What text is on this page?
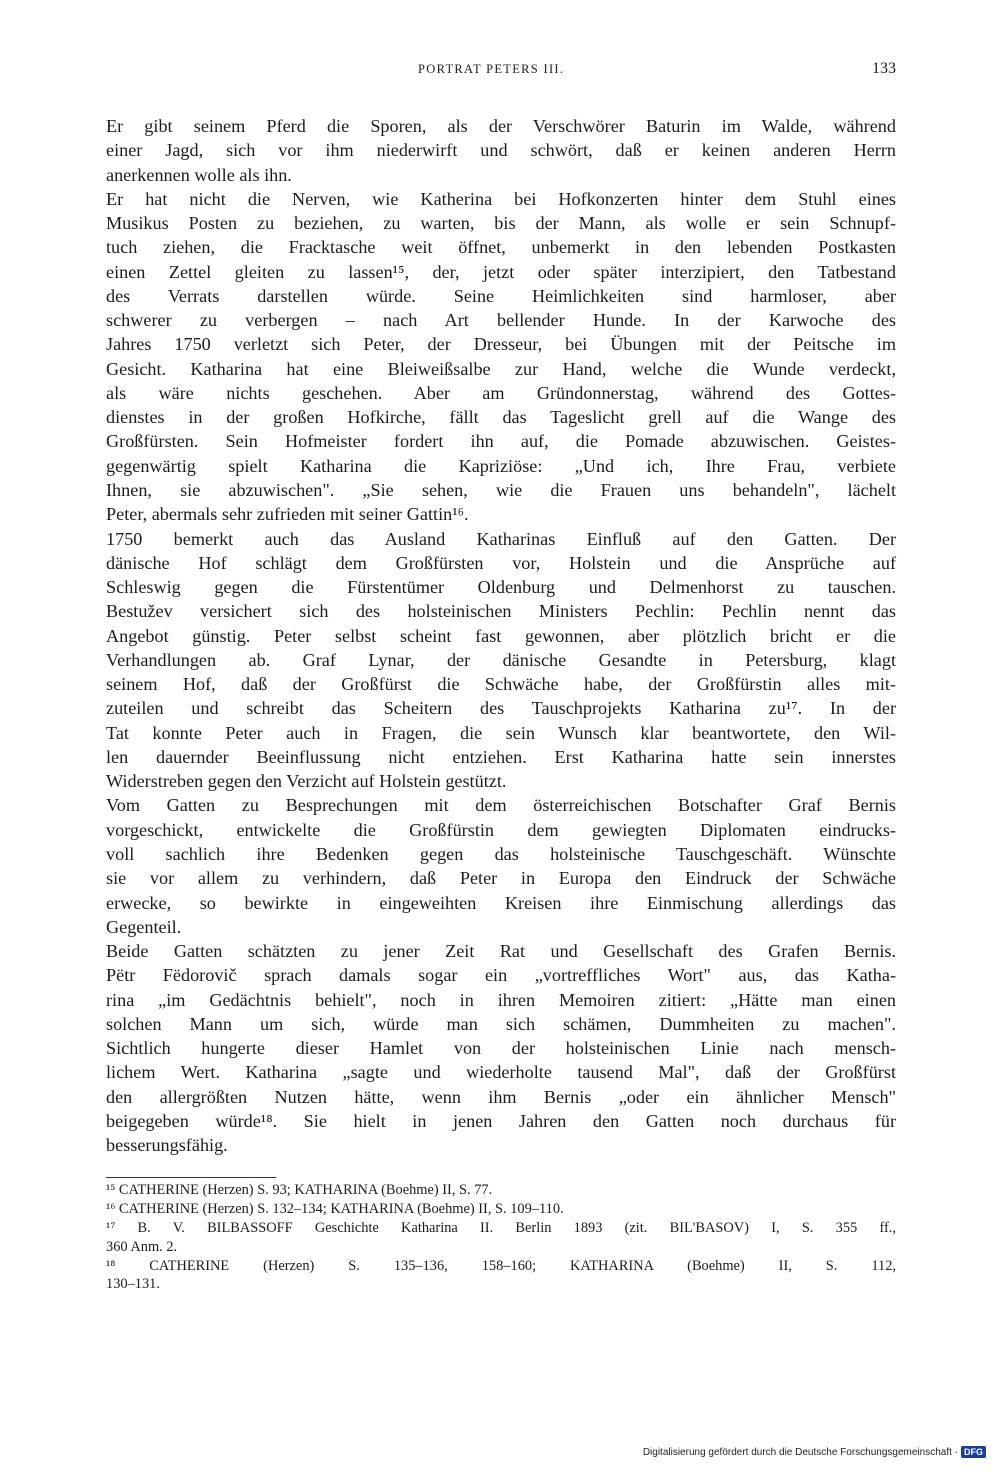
PORTRAT PETERS III.	133
Er gibt seinem Pferd die Sporen, als der Verschwörer Baturin im Walde, während
einer Jagd, sich vor ihm niederwirft und schwört, daß er keinen anderen Herrn
anerkennen wolle als ihn.
Er hat nicht die Nerven, wie Katherina bei Hofkonzerten hinter dem Stuhl eines
Musikus Posten zu beziehen, zu warten, bis der Mann, als wolle er sein Schnupf-
tuch ziehen, die Fracktasche weit öffnet, unbemerkt in den lebenden Postkasten
einen Zettel gleiten zu lassen¹⁵, der, jetzt oder später interzipiert, den Tatbestand
des Verrats darstellen würde. Seine Heimlichkeiten sind harmloser, aber
schwerer zu verbergen – nach Art bellender Hunde. In der Karwoche des
Jahres 1750 verletzt sich Peter, der Dresseur, bei Übungen mit der Peitsche im
Gesicht. Katharina hat eine Bleiweißsalbe zur Hand, welche die Wunde verdeckt,
als wäre nichts geschehen. Aber am Gründonnerstag, während des Gottes-
dienstes in der großen Hofkirche, fällt das Tageslicht grell auf die Wange des
Großfürsten. Sein Hofmeister fordert ihn auf, die Pomade abzuwischen. Geistes-
gegenwärtig spielt Katharina die Kapriziöse: „Und ich, Ihre Frau, verbiete
Ihnen, sie abzuwischen". „Sie sehen, wie die Frauen uns behandeln", lächelt
Peter, abermals sehr zufrieden mit seiner Gattin¹⁶.
1750 bemerkt auch das Ausland Katharinas Einfluß auf den Gatten. Der
dänische Hof schlägt dem Großfürsten vor, Holstein und die Ansprüche auf
Schleswig gegen die Fürstentümer Oldenburg und Delmenhorst zu tauschen.
Bestužev versichert sich des holsteinischen Ministers Pechlin: Pechlin nennt das
Angebot günstig. Peter selbst scheint fast gewonnen, aber plötzlich bricht er die
Verhandlungen ab. Graf Lynar, der dänische Gesandte in Petersburg, klagt
seinem Hof, daß der Großfürst die Schwäche habe, der Großfürstin alles mit-
zuteilen und schreibt das Scheitern des Tauschprojekts Katharina zu¹⁷. In der
Tat konnte Peter auch in Fragen, die sein Wunsch klar beantwortete, den Wil-
len dauernder Beeinflussung nicht entziehen. Erst Katharina hatte sein innerstes
Widerstreben gegen den Verzicht auf Holstein gestützt.
Vom Gatten zu Besprechungen mit dem österreichischen Botschafter Graf Bernis
vorgeschickt, entwickelte die Großfürstin dem gewiegten Diplomaten eindrucks-
voll sachlich ihre Bedenken gegen das holsteinische Tauschgeschäft. Wünschte
sie vor allem zu verhindern, daß Peter in Europa den Eindruck der Schwäche
erwecke, so bewirkte in eingeweihten Kreisen ihre Einmischung allerdings das
Gegenteil.
Beide Gatten schätzten zu jener Zeit Rat und Gesellschaft des Grafen Bernis.
Pëtr Fëdorovič sprach damals sogar ein „vortreffliches Wort" aus, das Katha-
rina „im Gedächtnis behielt", noch in ihren Memoiren zitiert: „Hätte man einen
solchen Mann um sich, würde man sich schämen, Dummheiten zu machen".
Sichtlich hungerte dieser Hamlet von der holsteinischen Linie nach mensch-
lichem Wert. Katharina „sagte und wiederholte tausend Mal", daß der Großfürst
den allergrößten Nutzen hätte, wenn ihm Bernis „oder ein ähnlicher Mensch"
beigegeben würde¹⁸. Sie hielt in jenen Jahren den Gatten noch durchaus für
besserungsfähig.
¹⁵ CATHERINE (Herzen) S. 93; KATHARINA (Boehme) II, S. 77.
¹⁶ CATHERINE (Herzen) S. 132–134; KATHARINA (Boehme) II, S. 109–110.
¹⁷ B. V. BILBASSOFF Geschichte Katharina II. Berlin 1893 (zit. BIL'BASOV) I, S. 355 ff.,
360 Anm. 2.
¹⁸ CATHERINE (Herzen) S. 135–136, 158–160; KATHARINA (Boehme) II, S. 112,
130–131.
Digitalisierung gefördert durch die Deutsche Forschungsgemeinschaft · DFG
